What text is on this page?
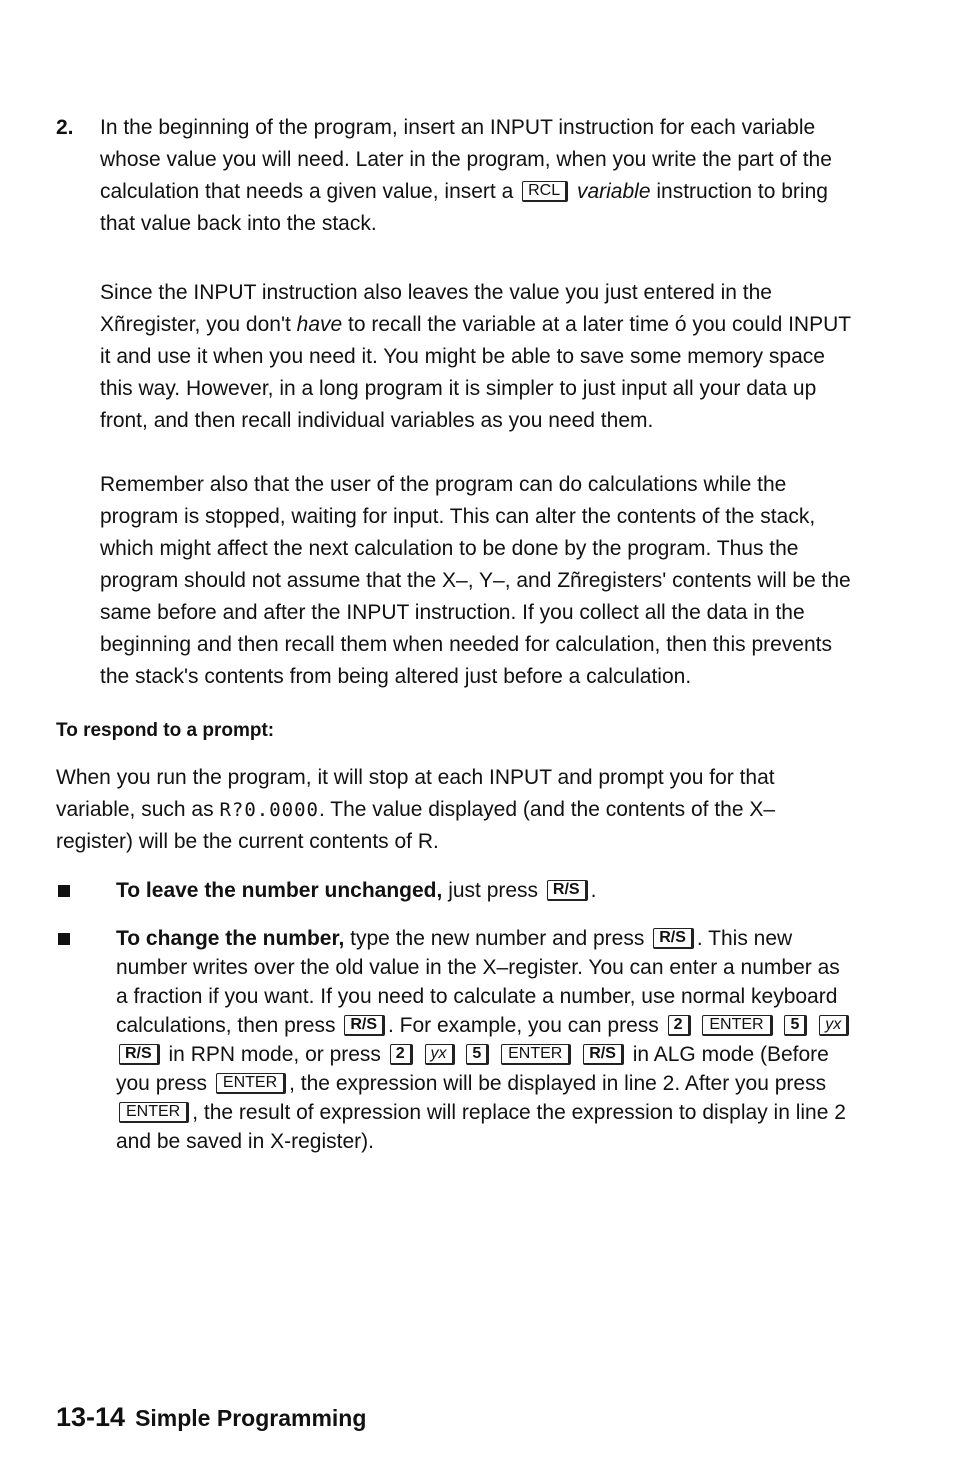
2. In the beginning of the program, insert an INPUT instruction for each variable whose value you will need. Later in the program, when you write the part of the calculation that needs a given value, insert a RCL variable instruction to bring that value back into the stack.

Since the INPUT instruction also leaves the value you just entered in the Xñregister, you don't have to recall the variable at a later time ó you could INPUT it and use it when you need it. You might be able to save some memory space this way. However, in a long program it is simpler to just input all your data up front, and then recall individual variables as you need them.

Remember also that the user of the program can do calculations while the program is stopped, waiting for input. This can alter the contents of the stack, which might affect the next calculation to be done by the program. Thus the program should not assume that the X–, Y–, and Zñregisters' contents will be the same before and after the INPUT instruction. If you collect all the data in the beginning and then recall them when needed for calculation, then this prevents the stack's contents from being altered just before a calculation.

To respond to a prompt:

When you run the program, it will stop at each INPUT and prompt you for that variable, such as R?0.0000. The value displayed (and the contents of the X–register) will be the current contents of R.

To leave the number unchanged, just press R/S .
To change the number, type the new number and press R/S . This new number writes over the old value in the X–register. You can enter a number as a fraction if you want. If you need to calculate a number, use normal keyboard calculations, then press R/S . For example, you can press 2 ENTER 5 yx R/S in RPN mode, or press 2 yx 5 ENTER R/S in ALG mode (Before you press ENTER , the expression will be displayed in line 2. After you press ENTER , the result of expression will replace the expression to display in line 2 and be saved in X-register).
13-14 Simple Programming
